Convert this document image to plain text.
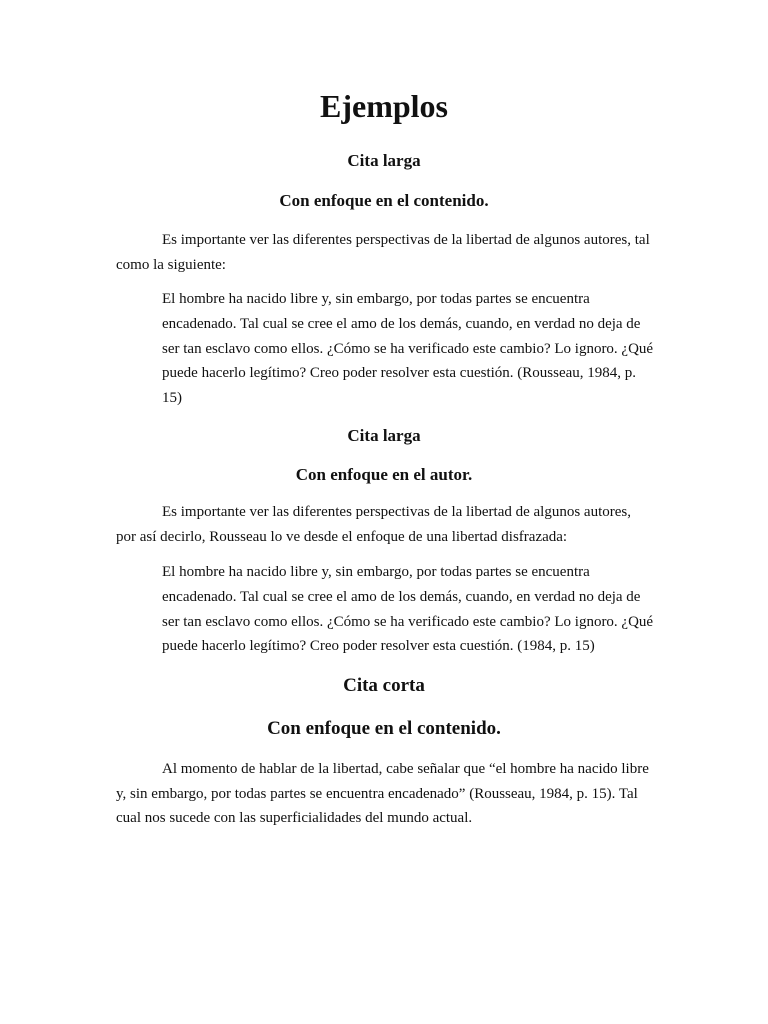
Ejemplos
Cita larga
Con enfoque en el contenido.

Es importante ver las diferentes perspectivas de la libertad de algunos autores, tal como la siguiente:

El hombre ha nacido libre y, sin embargo, por todas partes se encuentra encadenado. Tal cual se cree el amo de los demás, cuando, en verdad no deja de ser tan esclavo como ellos. ¿Cómo se ha verificado este cambio? Lo ignoro. ¿Qué puede hacerlo legítimo? Creo poder resolver esta cuestión. (Rousseau, 1984, p. 15)

Cita larga
Con enfoque en el autor.

Es importante ver las diferentes perspectivas de la libertad de algunos autores, por así decirlo, Rousseau lo ve desde el enfoque de una libertad disfrazada:

El hombre ha nacido libre y, sin embargo, por todas partes se encuentra encadenado. Tal cual se cree el amo de los demás, cuando, en verdad no deja de ser tan esclavo como ellos. ¿Cómo se ha verificado este cambio? Lo ignoro. ¿Qué puede hacerlo legítimo? Creo poder resolver esta cuestión. (1984, p. 15)

Cita corta
Con enfoque en el contenido.

Al momento de hablar de la libertad, cabe señalar que “el hombre ha nacido libre y, sin embargo, por todas partes se encuentra encadenado” (Rousseau, 1984, p. 15). Tal cual nos sucede con las superficialidades del mundo actual.
